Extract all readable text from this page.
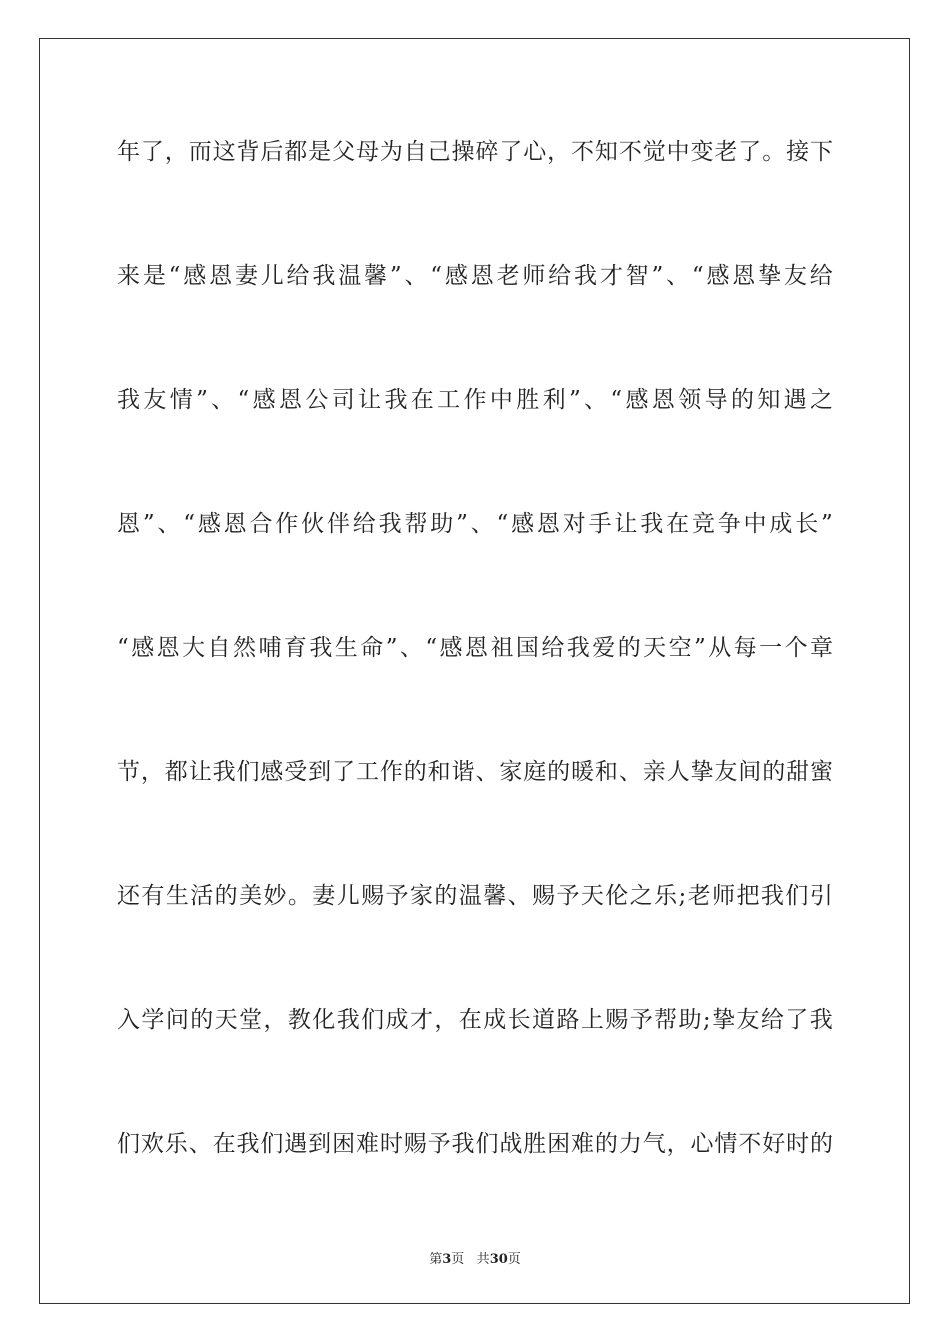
年了，而这背后都是父母为自己操碎了心，不知不觉中变老了。接下
来是“感恩妻儿给我温馨”、“感恩老师给我才智”、“感恩挚友给
我友情”、“感恩公司让我在工作中胜利”、“感恩领导的知遇之
恩”、“感恩合作伙伴给我帮助”、“感恩对手让我在竞争中成长”
“感恩大自然哺育我生命”、“感恩祖国给我爱的天空”从每一个章
节，都让我们感受到了工作的和谐、家庭的暖和、亲人挚友间的甜蜜
还有生活的美妙。妻儿赐予家的温馨、赐予天伦之乐;老师把我们引
入学问的天堂，教化我们成才，在成长道路上赐予帮助;挚友给了我
们欢乐、在我们遇到困难时赐予我们战胜困难的力气，心情不好时的
第3页 共30页
